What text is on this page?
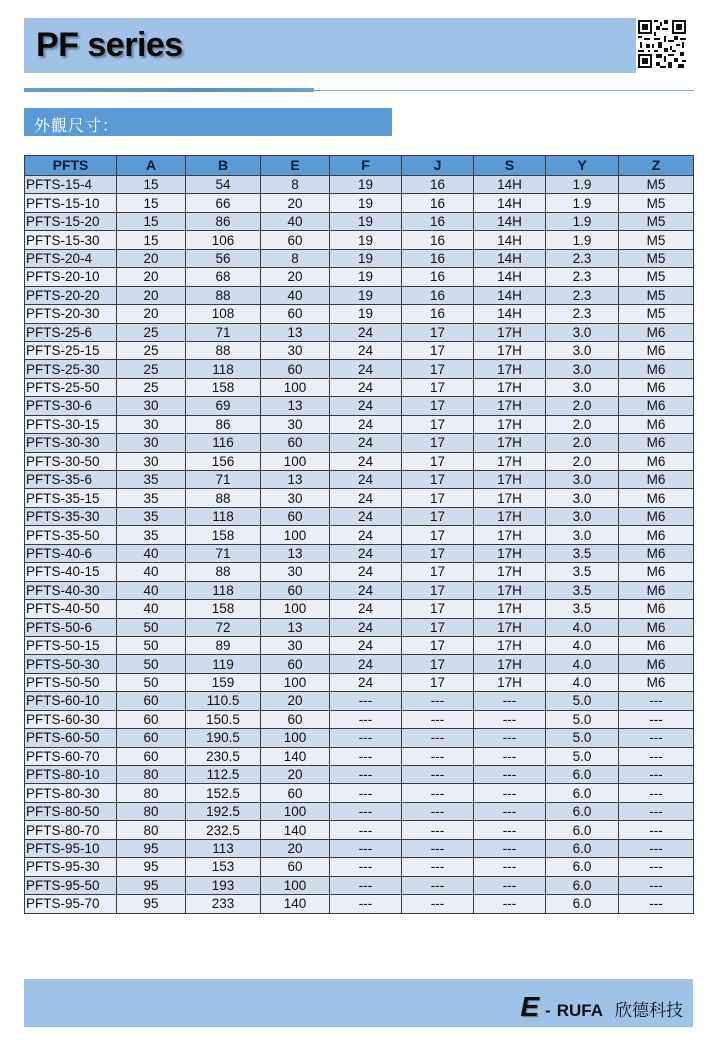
PF series
外觀尺寸：
PFTS	A	B	E	F	J	S	Y	Z
PFTS-15-4	15	54	8	19	16	14H	1.9	M5
PFTS-15-10	15	66	20	19	16	14H	1.9	M5
PFTS-15-20	15	86	40	19	16	14H	1.9	M5
PFTS-15-30	15	106	60	19	16	14H	1.9	M5
PFTS-20-4	20	56	8	19	16	14H	2.3	M5
PFTS-20-10	20	68	20	19	16	14H	2.3	M5
PFTS-20-20	20	88	40	19	16	14H	2.3	M5
PFTS-20-30	20	108	60	19	16	14H	2.3	M5
PFTS-25-6	25	71	13	24	17	17H	3.0	M6
PFTS-25-15	25	88	30	24	17	17H	3.0	M6
PFTS-25-30	25	118	60	24	17	17H	3.0	M6
PFTS-25-50	25	158	100	24	17	17H	3.0	M6
PFTS-30-6	30	69	13	24	17	17H	2.0	M6
PFTS-30-15	30	86	30	24	17	17H	2.0	M6
PFTS-30-30	30	116	60	24	17	17H	2.0	M6
PFTS-30-50	30	156	100	24	17	17H	2.0	M6
PFTS-35-6	35	71	13	24	17	17H	3.0	M6
PFTS-35-15	35	88	30	24	17	17H	3.0	M6
PFTS-35-30	35	118	60	24	17	17H	3.0	M6
PFTS-35-50	35	158	100	24	17	17H	3.0	M6
PFTS-40-6	40	71	13	24	17	17H	3.5	M6
PFTS-40-15	40	88	30	24	17	17H	3.5	M6
PFTS-40-30	40	118	60	24	17	17H	3.5	M6
PFTS-40-50	40	158	100	24	17	17H	3.5	M6
PFTS-50-6	50	72	13	24	17	17H	4.0	M6
PFTS-50-15	50	89	30	24	17	17H	4.0	M6
PFTS-50-30	50	119	60	24	17	17H	4.0	M6
PFTS-50-50	50	159	100	24	17	17H	4.0	M6
PFTS-60-10	60	110.5	20	---	---	---	5.0	---
PFTS-60-30	60	150.5	60	---	---	---	5.0	---
PFTS-60-50	60	190.5	100	---	---	---	5.0	---
PFTS-60-70	60	230.5	140	---	---	---	5.0	---
PFTS-80-10	80	112.5	20	---	---	---	6.0	---
PFTS-80-30	80	152.5	60	---	---	---	6.0	---
PFTS-80-50	80	192.5	100	---	---	---	6.0	---
PFTS-80-70	80	232.5	140	---	---	---	6.0	---
PFTS-95-10	95	113	20	---	---	---	6.0	---
PFTS-95-30	95	153	60	---	---	---	6.0	---
PFTS-95-50	95	193	100	---	---	---	6.0	---
PFTS-95-70	95	233	140	---	---	---	6.0	---
E - RUFA 欣德科技
